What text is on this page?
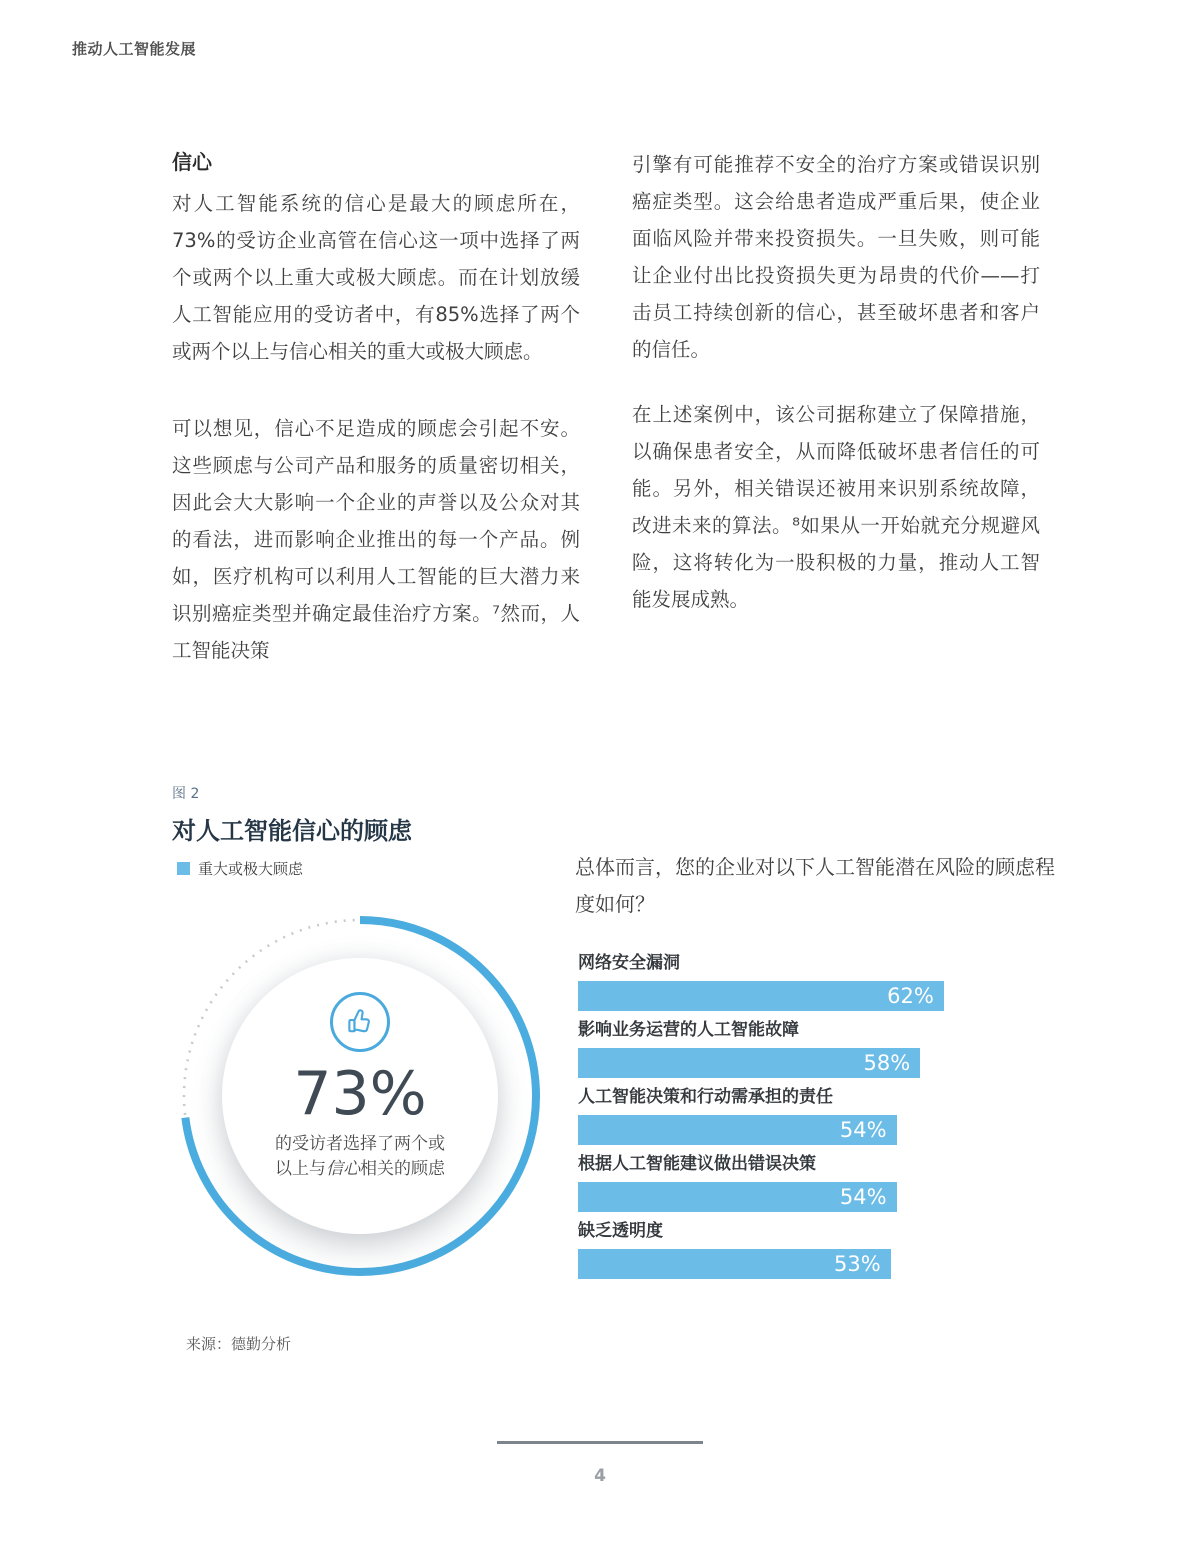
推动人工智能发展
信心

对人工智能系统的信心是最大的顾虑所在，73%的受访企业高管在信心这一项中选择了两个或两个以上重大或极大顾虑。而在计划放缓人工智能应用的受访者中，有85%选择了两个或两个以上与信心相关的重大或极大顾虑。

可以想见，信心不足造成的顾虑会引起不安。这些顾虑与公司产品和服务的质量密切相关，因此会大大影响一个企业的声誉以及公众对其的看法，进而影响企业推出的每一个产品。例如，医疗机构可以利用人工智能的巨大潜力来识别癌症类型并确定最佳治疗方案。⁷然而，人工智能决策

引擎有可能推荐不安全的治疗方案或错误识别癌症类型。这会给患者造成严重后果，使企业面临风险并带来投资损失。一旦失败，则可能让企业付出比投资损失更为昂贵的代价——打击员工持续创新的信心，甚至破坏患者和客户的信任。

在上述案例中，该公司据称建立了保障措施，以确保患者安全，从而降低破坏患者信任的可能。另外，相关错误还被用来识别系统故障，改进未来的算法。⁸如果从一开始就充分规避风险，这将转化为一股积极的力量，推动人工智能发展成熟。

图 2
对人工智能信心的顾虑
重大或极大顾虑
73%
的受访者选择了两个或
以上与信心相关的顾虑
总体而言，您的企业对以下人工智能潜在风险的顾虑程度如何？
网络安全漏洞
62%
影响业务运营的人工智能故障
58%
人工智能决策和行动需承担的责任
54%
根据人工智能建议做出错误决策
54%
缺乏透明度
53%
来源：德勤分析
4
